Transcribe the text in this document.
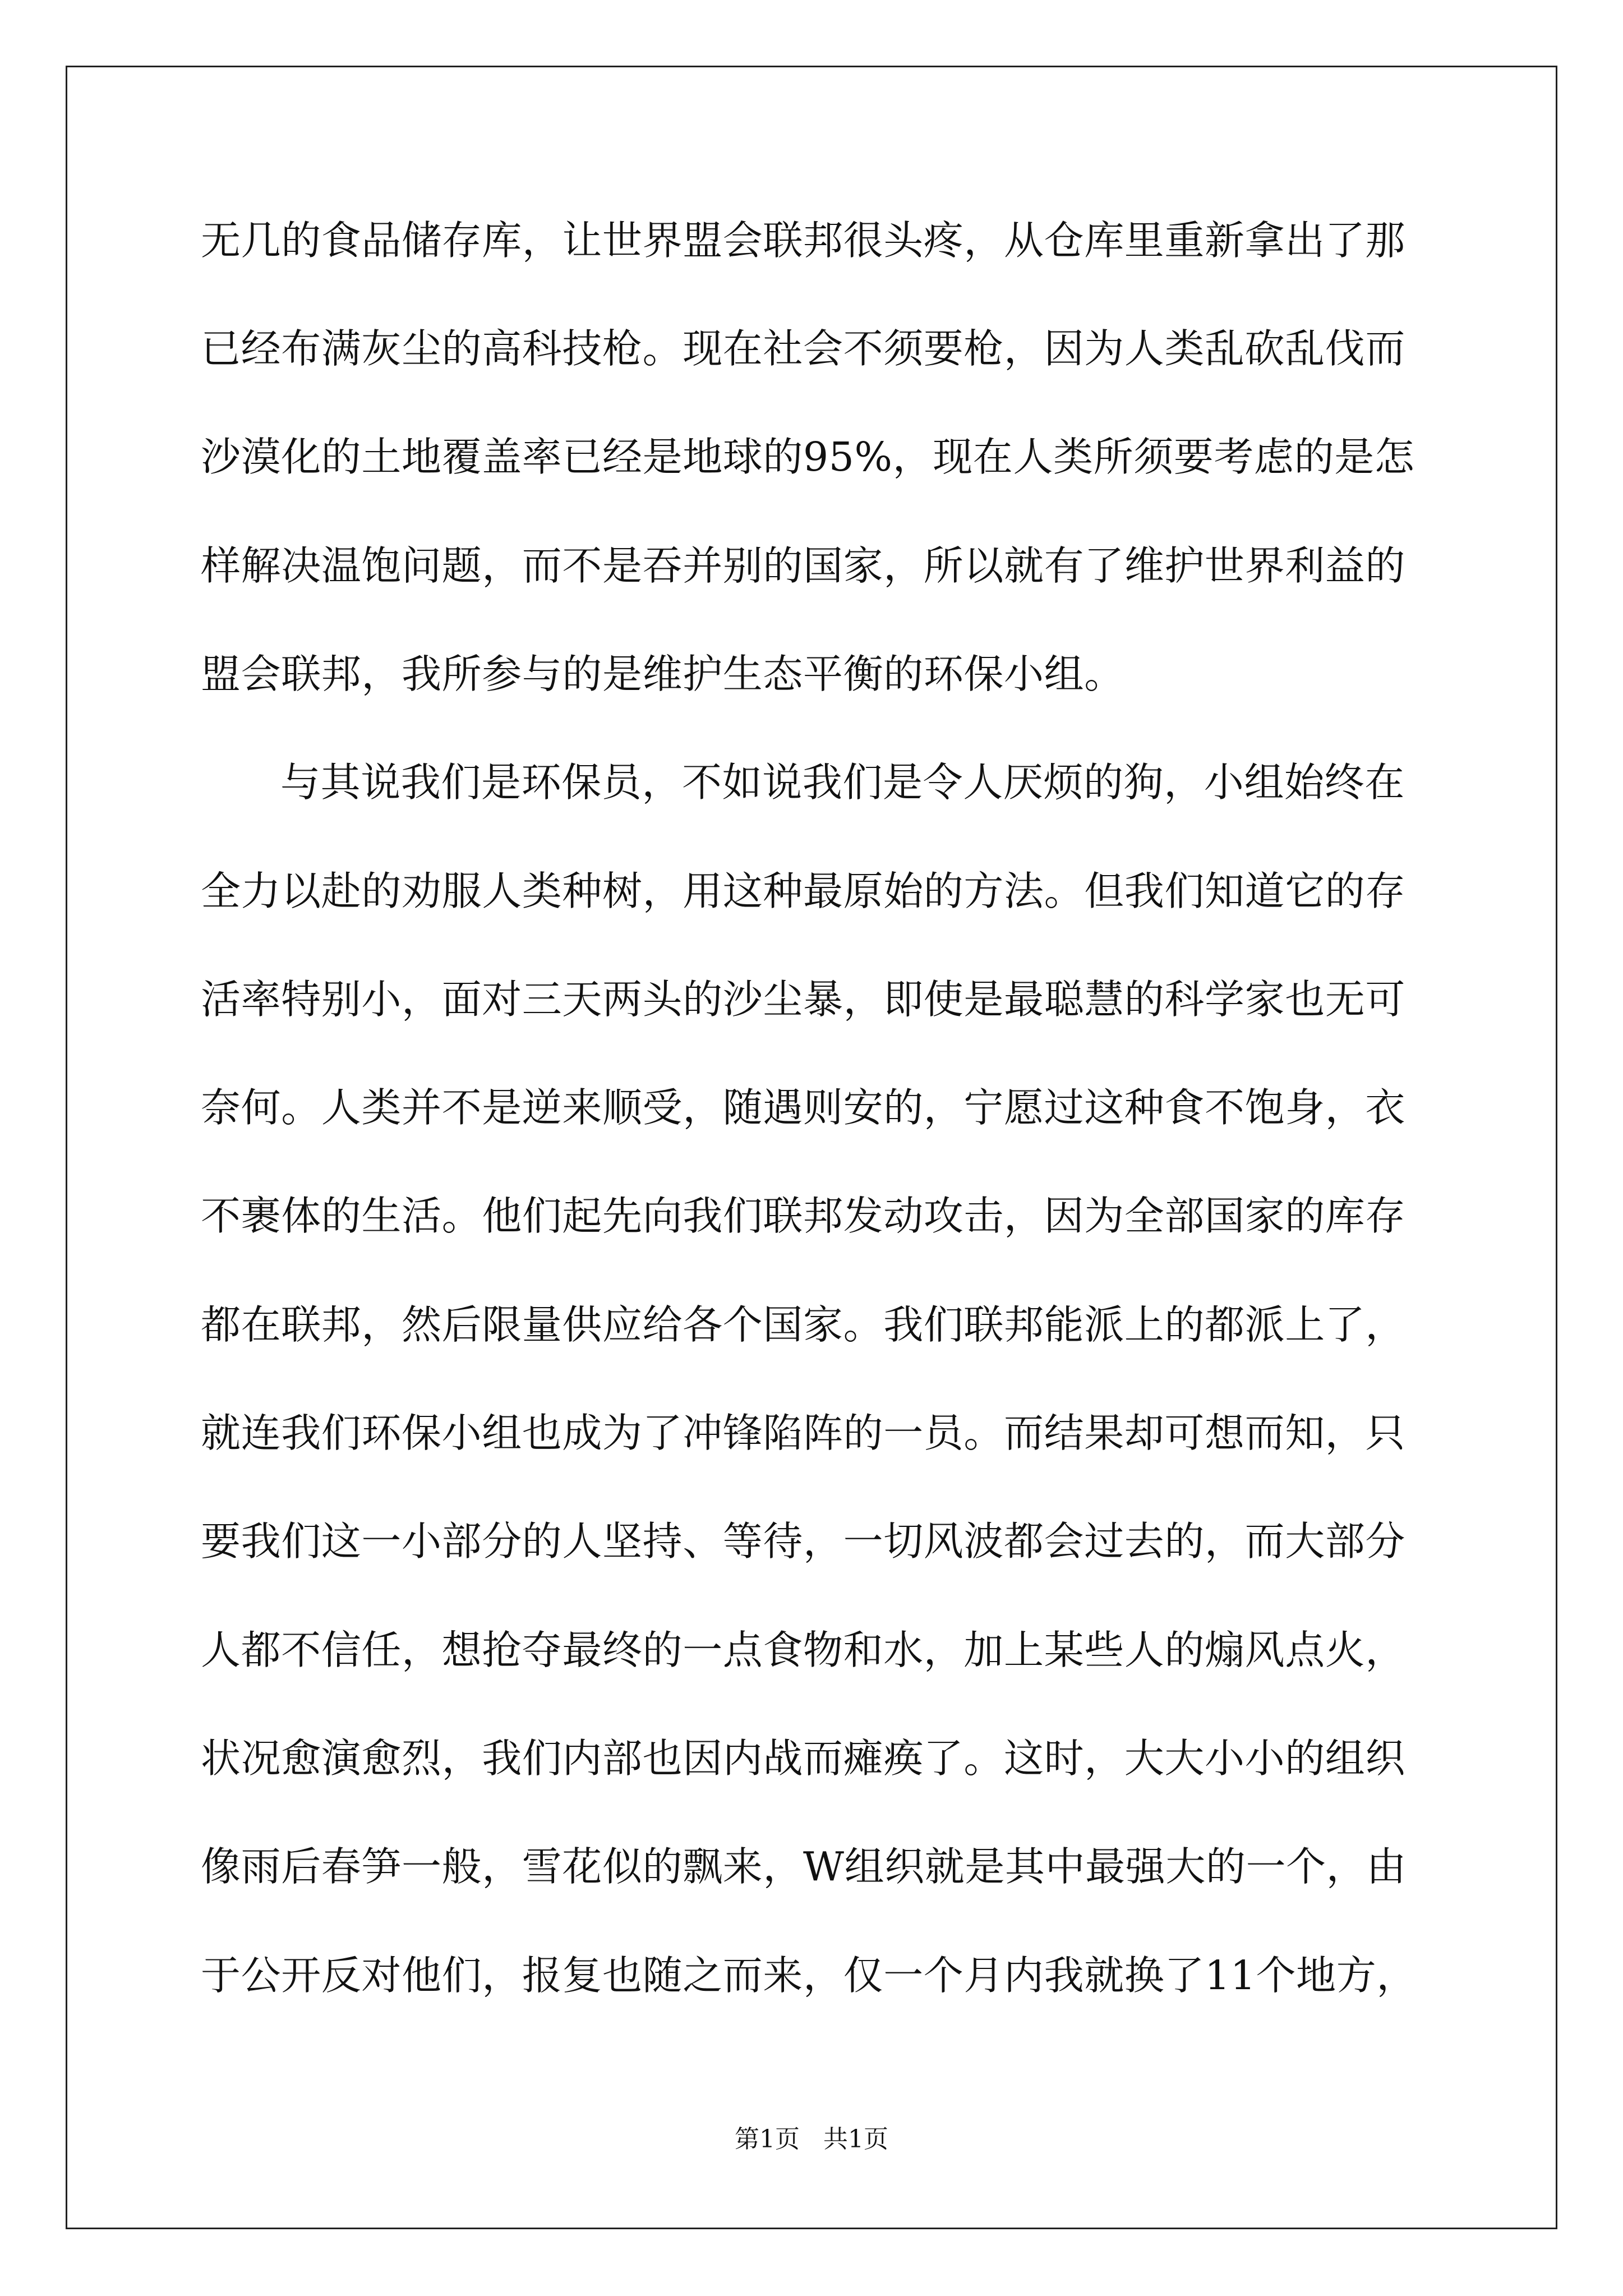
无几的食品储存库，让世界盟会联邦很头疼，从仓库里重新拿出了那
已经布满灰尘的高科技枪。现在社会不须要枪，因为人类乱砍乱伐而
沙漠化的土地覆盖率已经是地球的95%，现在人类所须要考虑的是怎
样解决温饱问题，而不是吞并别的国家，所以就有了维护世界利益的
盟会联邦，我所参与的是维护生态平衡的环保小组。
与其说我们是环保员，不如说我们是令人厌烦的狗，小组始终在
全力以赴的劝服人类种树，用这种最原始的方法。但我们知道它的存
活率特别小，面对三天两头的沙尘暴，即使是最聪慧的科学家也无可
奈何。人类并不是逆来顺受，随遇则安的，宁愿过这种食不饱身，衣
不裹体的生活。他们起先向我们联邦发动攻击，因为全部国家的库存
都在联邦，然后限量供应给各个国家。我们联邦能派上的都派上了，
就连我们环保小组也成为了冲锋陷阵的一员。而结果却可想而知，只
要我们这一小部分的人坚持、等待，一切风波都会过去的，而大部分
人都不信任，想抢夺最终的一点食物和水，加上某些人的煽风点火，
状况愈演愈烈，我们内部也因内战而瘫痪了。这时，大大小小的组织
像雨后春笋一般，雪花似的飘来，W组织就是其中最强大的一个，由
于公开反对他们，报复也随之而来，仅一个月内我就换了11个地方，
第1页   共1页
